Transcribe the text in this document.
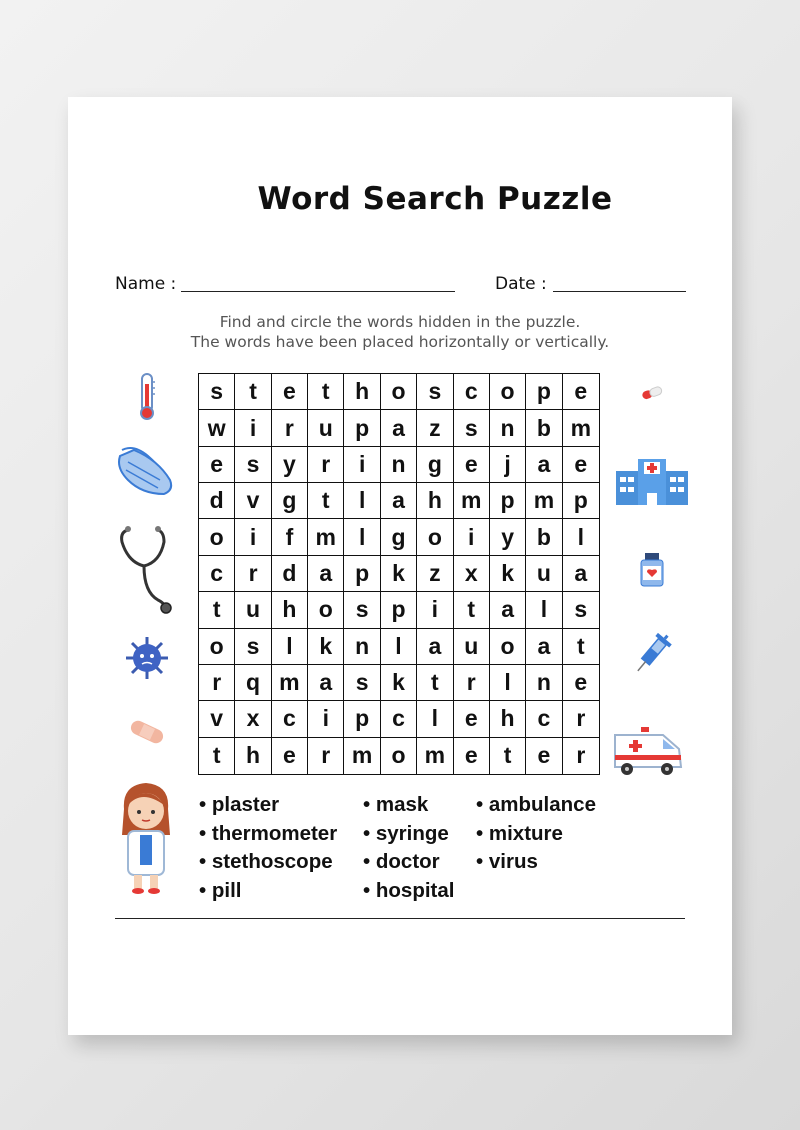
Word Search Puzzle
Name :	Date :
Find and circle the words hidden in the puzzle.
The words have been placed horizontally or vertically.
s	t	e	t	h o s	c o p	e
w	i	r	u p a	z	s n b m
e	s	y	r	i	n g e	j	a	e
d v g	t	l	a h m p m p
o	i	f m l	g o	i	y b	l
c	r	d a p k	z	x	k u	a
t	u h o s p	i	t	a	l	s
o s	l	k n	l	a u o a	t
r	q m a	s	k	t	r	l	n	e
v	x	c	i	p c	l	e h c	r
t	h e	r m o m e	t	e	r
• plaster
• thermometer
• stethoscope
• pill
• mask
• syringe
• doctor
• hospital
• ambulance
• mixture
• virus
